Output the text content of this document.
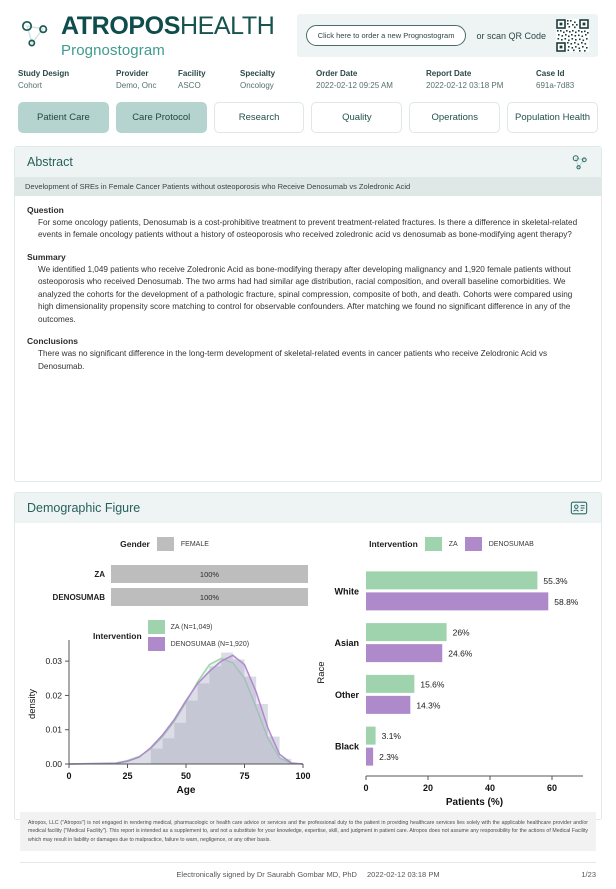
ATROPOSHEALTH
Prognostogram
Click here to order a new Prognostogram	or scan QR Code
Study Design
Cohort
Provider
Demo, Onc
Facility
ASCO
Specialty
Oncology
Order Date
2022-02-12 09:25 AM
Report Date
2022-02-12 03:18 PM
Case Id
691a-7d83
Patient Care	Care Protocol	Research	Quality	Operations	Population Health
Abstract
Development of SREs in Female Cancer Patients without osteoporosis who Receive Denosumab vs Zoledronic Acid
Question
For some oncology patients, Denosumab is a cost-prohibitive treatment to prevent treatment-related fractures. Is there a difference in skeletal-related events in female oncology patients without a history of osteoporosis who received zoledronic acid vs denosumab as bone-modifying agent therapy?
Summary
We identified 1,049 patients who receive Zoledronic Acid as bone-modifying therapy after developing malignancy and 1,920 female patients without osteoporosis who received Denosumab. The two arms had had similar age distribution, racial composition, and overall baseline comorbidities. We analyzed the cohorts for the development of a pathologic fracture, spinal compression, composite of both, and death. Cohorts were compared using high dimensionality propensity score matching to control for observable confounders. After matching we found no significant difference in any of the outcomes.
Conclusions
There was no significant difference in the long-term development of skeletal-related events in cancer patients who receive Zelodronic Acid vs Denosumab.
Demographic Figure
Gender	FEMALE
ZA	100%
DENOSUMAB	100%
Intervention
ZA (N=1,049)
DENOSUMAB (N=1,920)
0.00
0.01
0.02
0.03
0	25	50	75	100
Age
density
Intervention	ZA	DENOSUMAB
55.3%
58.8%
White
26%
24.6%
Asian
15.6%
14.3%
Other
3.1%
2.3%
Black
0	20	40	60
Patients (%)
Race
Atropos, LLC ("Atropos") is not engaged in rendering medical, pharmacologic or health care advice or services and the professional duty to the patient in providing healthcare services lies solely with the applicable healthcare provider and/or medical facility ("Medical Facility"). This report is intended as a supplement to, and not a substitute for your knowledge, expertise, skill, and judgment in patient care. Atropos does not assume any responsibility for the actions of Medical Facility which may result in liability or damages due to malpractice, failure to warn, negligence, or any other basis.
Electronically signed by Dr Saurabh Gombar MD, PhD 2022-02-12 03:18 PM	1/23
